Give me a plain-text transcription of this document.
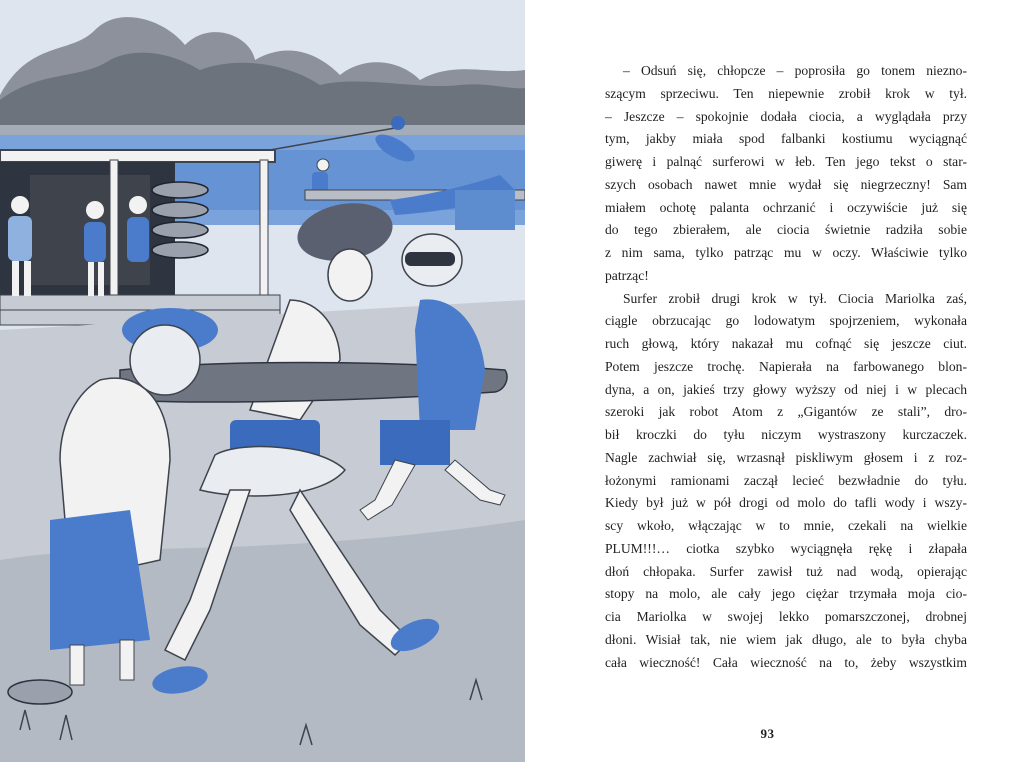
– Odsuń się, chłopcze – poprosiła go tonem niezno-
szącym sprzeciwu. Ten niepewnie zrobił krok w tył.
– Jeszcze – spokojnie dodała ciocia, a wyglądała przy
tym, jakby miała spod falbanki kostiumu wyciągnąć
giwerę i palnąć surferowi w łeb. Ten jego tekst o star-
szych osobach nawet mnie wydał się niegrzeczny! Sam
miałem ochotę palanta ochrzanić i oczywiście już się
do tego zbierałem, ale ciocia świetnie radziła sobie
z nim sama, tylko patrząc mu w oczy. Właściwie tylko
patrząc!
Surfer zrobił drugi krok w tył. Ciocia Mariolka zaś,
ciągle obrzucając go lodowatym spojrzeniem, wykonała
ruch głową, który nakazał mu cofnąć się jeszcze ciut.
Potem jeszcze trochę. Napierała na farbowanego blon-
dyna, a on, jakieś trzy głowy wyższy od niej i w plecach
szeroki jak robot Atom z „Gigantów ze stali”, dro-
bił kroczki do tyłu niczym wystraszony kurczaczek.
Nagle zachwiał się, wrzasnął piskliwym głosem i z roz-
łożonymi ramionami zaczął lecieć bezwładnie do tyłu.
Kiedy był już w pół drogi od molo do tafli wody i wszy-
scy wkoło, włączając w to mnie, czekali na wielkie
PLUM!!!… ciotka szybko wyciągnęła rękę i złapała
dłoń chłopaka. Surfer zawisł tuż nad wodą, opierając
stopy na molo, ale cały jego ciężar trzymała moja cio-
cia Mariolka w swojej lekko pomarszczonej, drobnej
dłoni. Wisiał tak, nie wiem jak długo, ale to była chyba
cała wieczność! Cała wieczność na to, żeby wszystkim
93
